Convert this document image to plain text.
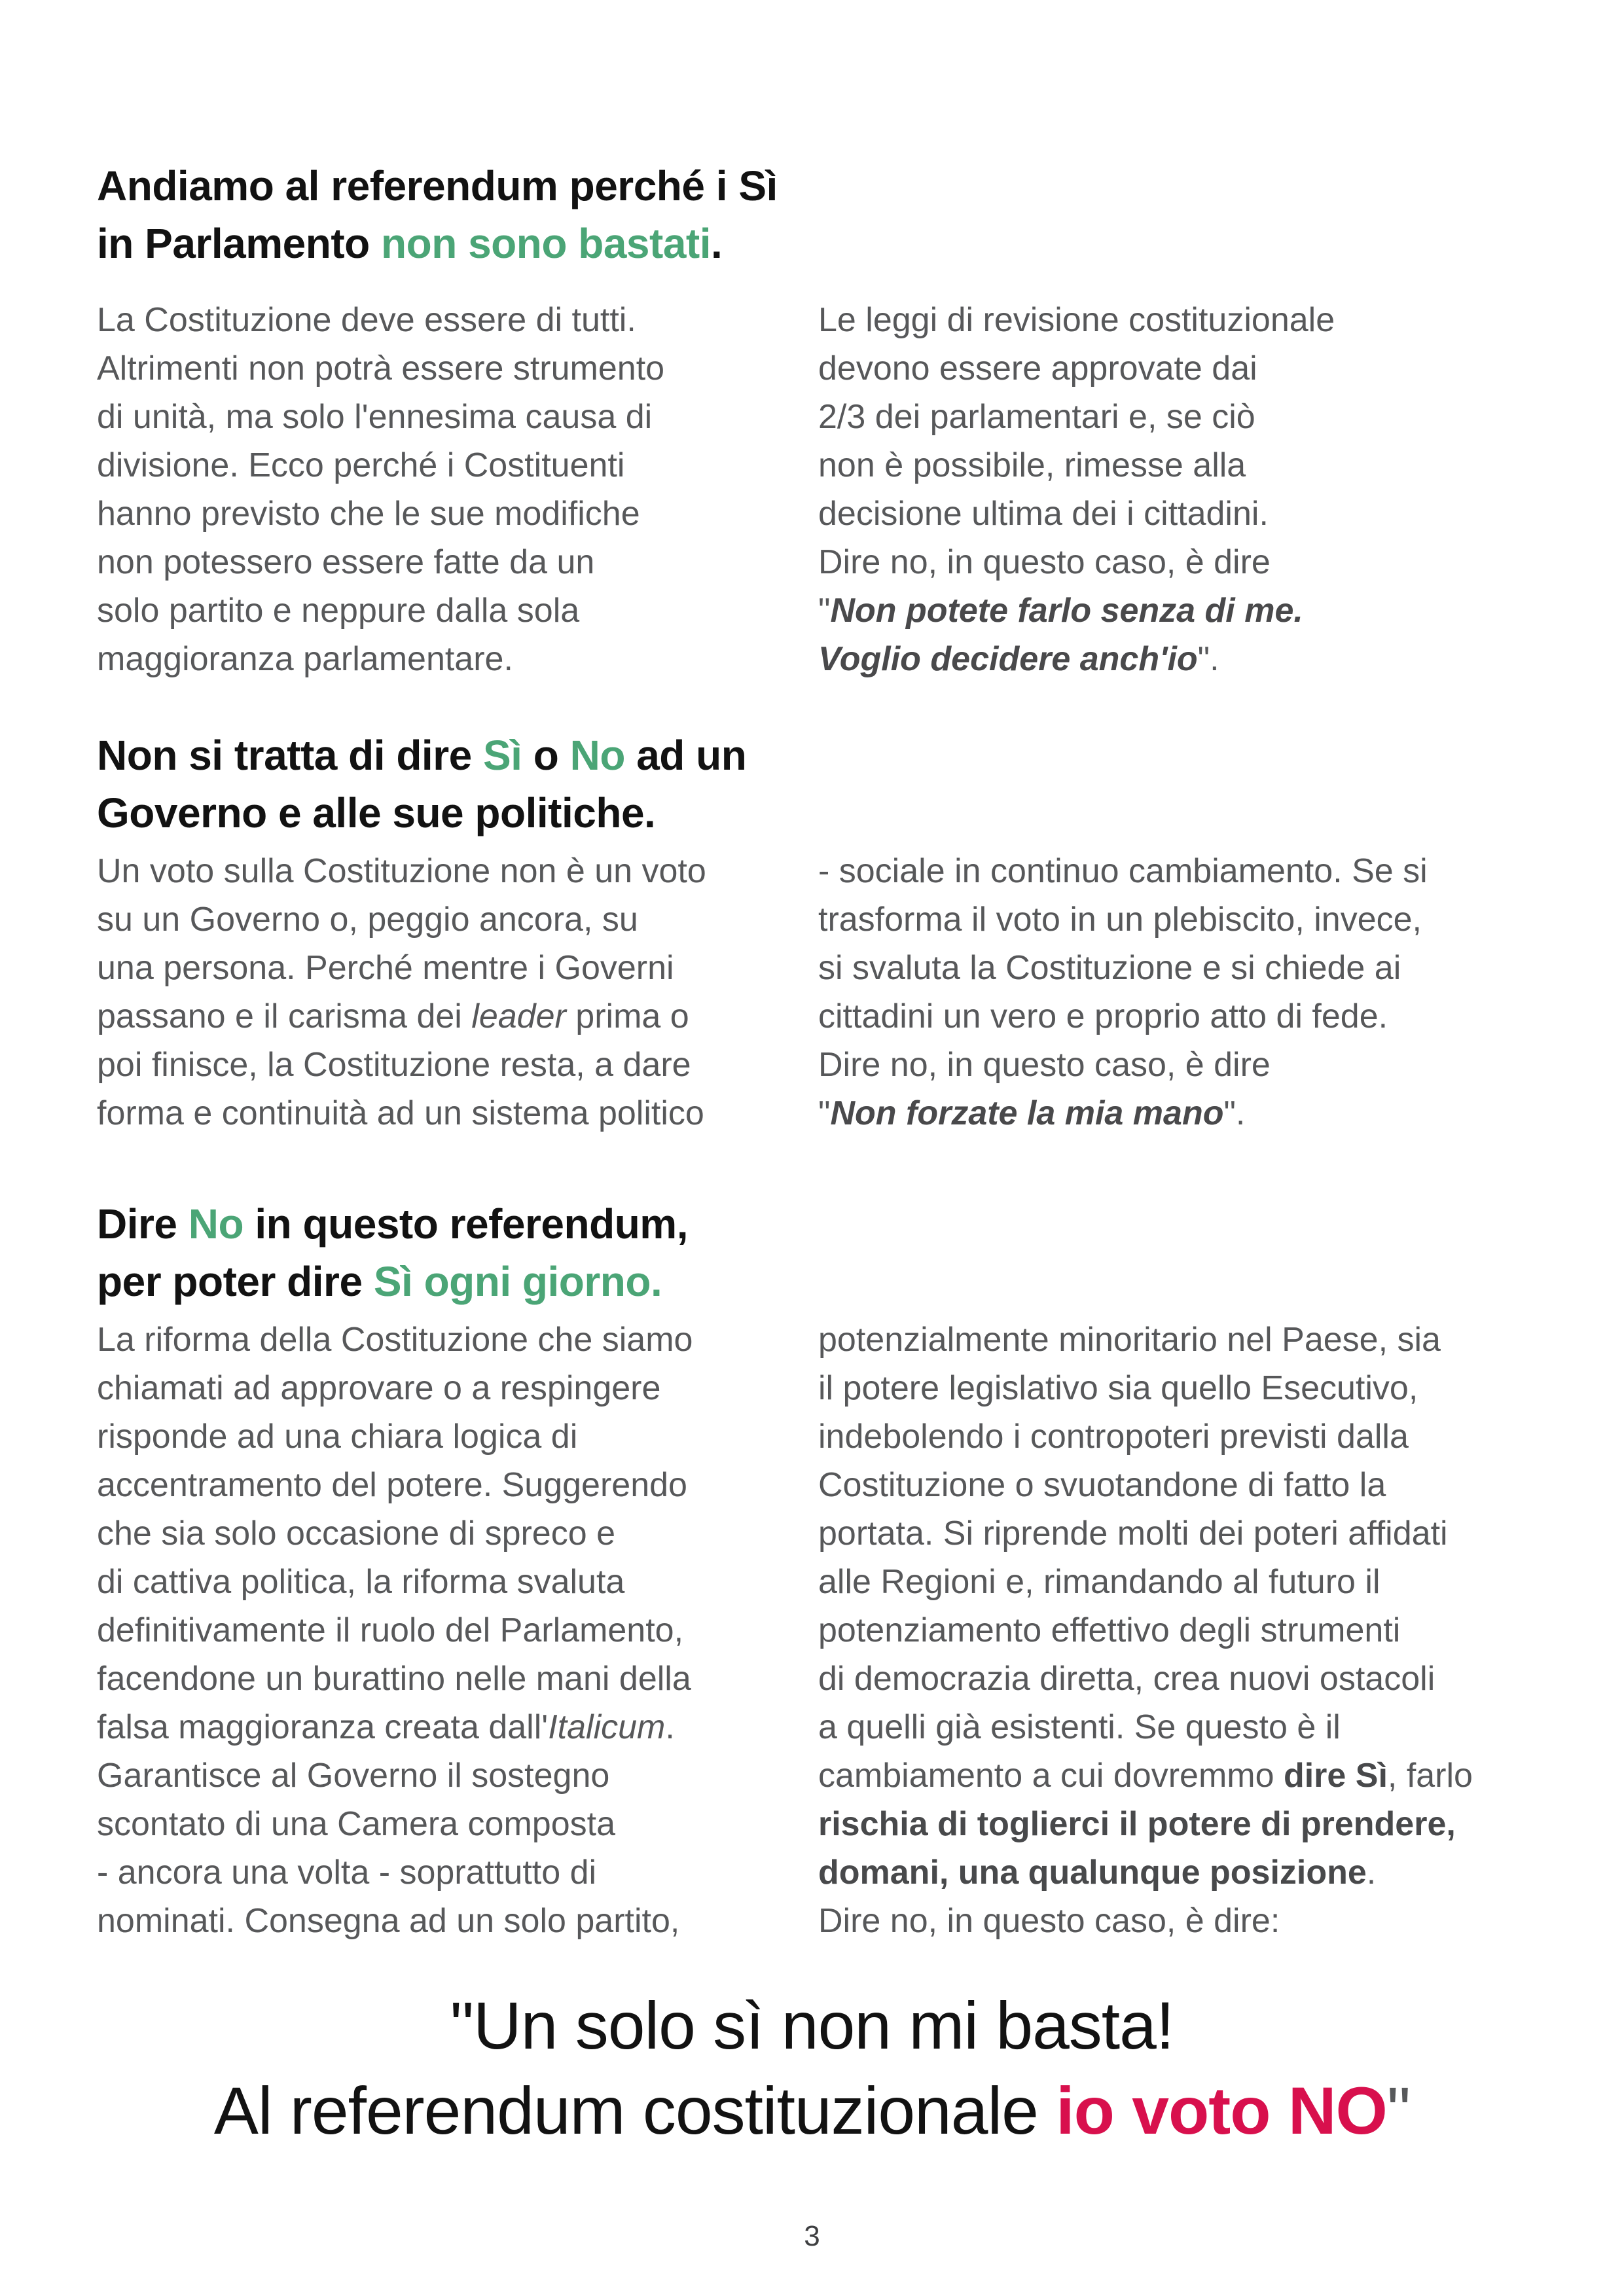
Andiamo al referendum perché i Sì
in Parlamento non sono bastati.
La Costituzione deve essere di tutti.
Altrimenti non potrà essere strumento
di unità, ma solo l'ennesima causa di
divisione. Ecco perché i Costituenti
hanno previsto che le sue modifiche
non potessero essere fatte da un
solo partito e neppure dalla sola
maggioranza parlamentare.
Le leggi di revisione costituzionale
devono essere approvate dai
2/3 dei parlamentari e, se ciò
non è possibile, rimesse alla
decisione ultima dei i cittadini.
Dire no, in questo caso, è dire
"Non potete farlo senza di me.
Voglio decidere anch'io".
Non si tratta di dire Sì o No ad un
Governo e alle sue politiche.
Un voto sulla Costituzione non è un voto
su un Governo o, peggio ancora, su
una persona. Perché mentre i Governi
passano e il carisma dei leader prima o
poi finisce, la Costituzione resta, a dare
forma e continuità ad un sistema politico
- sociale in continuo cambiamento. Se si
trasforma il voto in un plebiscito, invece,
si svaluta la Costituzione e si chiede ai
cittadini un vero e proprio atto di fede.
Dire no, in questo caso, è dire
"Non forzate la mia mano".
Dire No in questo referendum,
per poter dire Sì ogni giorno.
La riforma della Costituzione che siamo
chiamati ad approvare o a respingere
risponde ad una chiara logica di
accentramento del potere. Suggerendo
che sia solo occasione di spreco e
di cattiva politica, la riforma svaluta
definitivamente il ruolo del Parlamento,
facendone un burattino nelle mani della
falsa maggioranza creata dall'Italicum.
Garantisce al Governo il sostegno
scontato di una Camera composta
- ancora una volta - soprattutto di
nominati. Consegna ad un solo partito,
potenzialmente minoritario nel Paese, sia
il potere legislativo sia quello Esecutivo,
indebolendo i contropoteri previsti dalla
Costituzione o svuotandone di fatto la
portata. Si riprende molti dei poteri affidati
alle Regioni e, rimandando al futuro il
potenziamento effettivo degli strumenti
di democrazia diretta, crea nuovi ostacoli
a quelli già esistenti. Se questo è il
cambiamento a cui dovremmo dire Sì, farlo
rischia di toglierci il potere di prendere,
domani, una qualunque posizione.
Dire no, in questo caso, è dire:
"Un solo sì non mi basta!
Al referendum costituzionale io voto NO"
3
